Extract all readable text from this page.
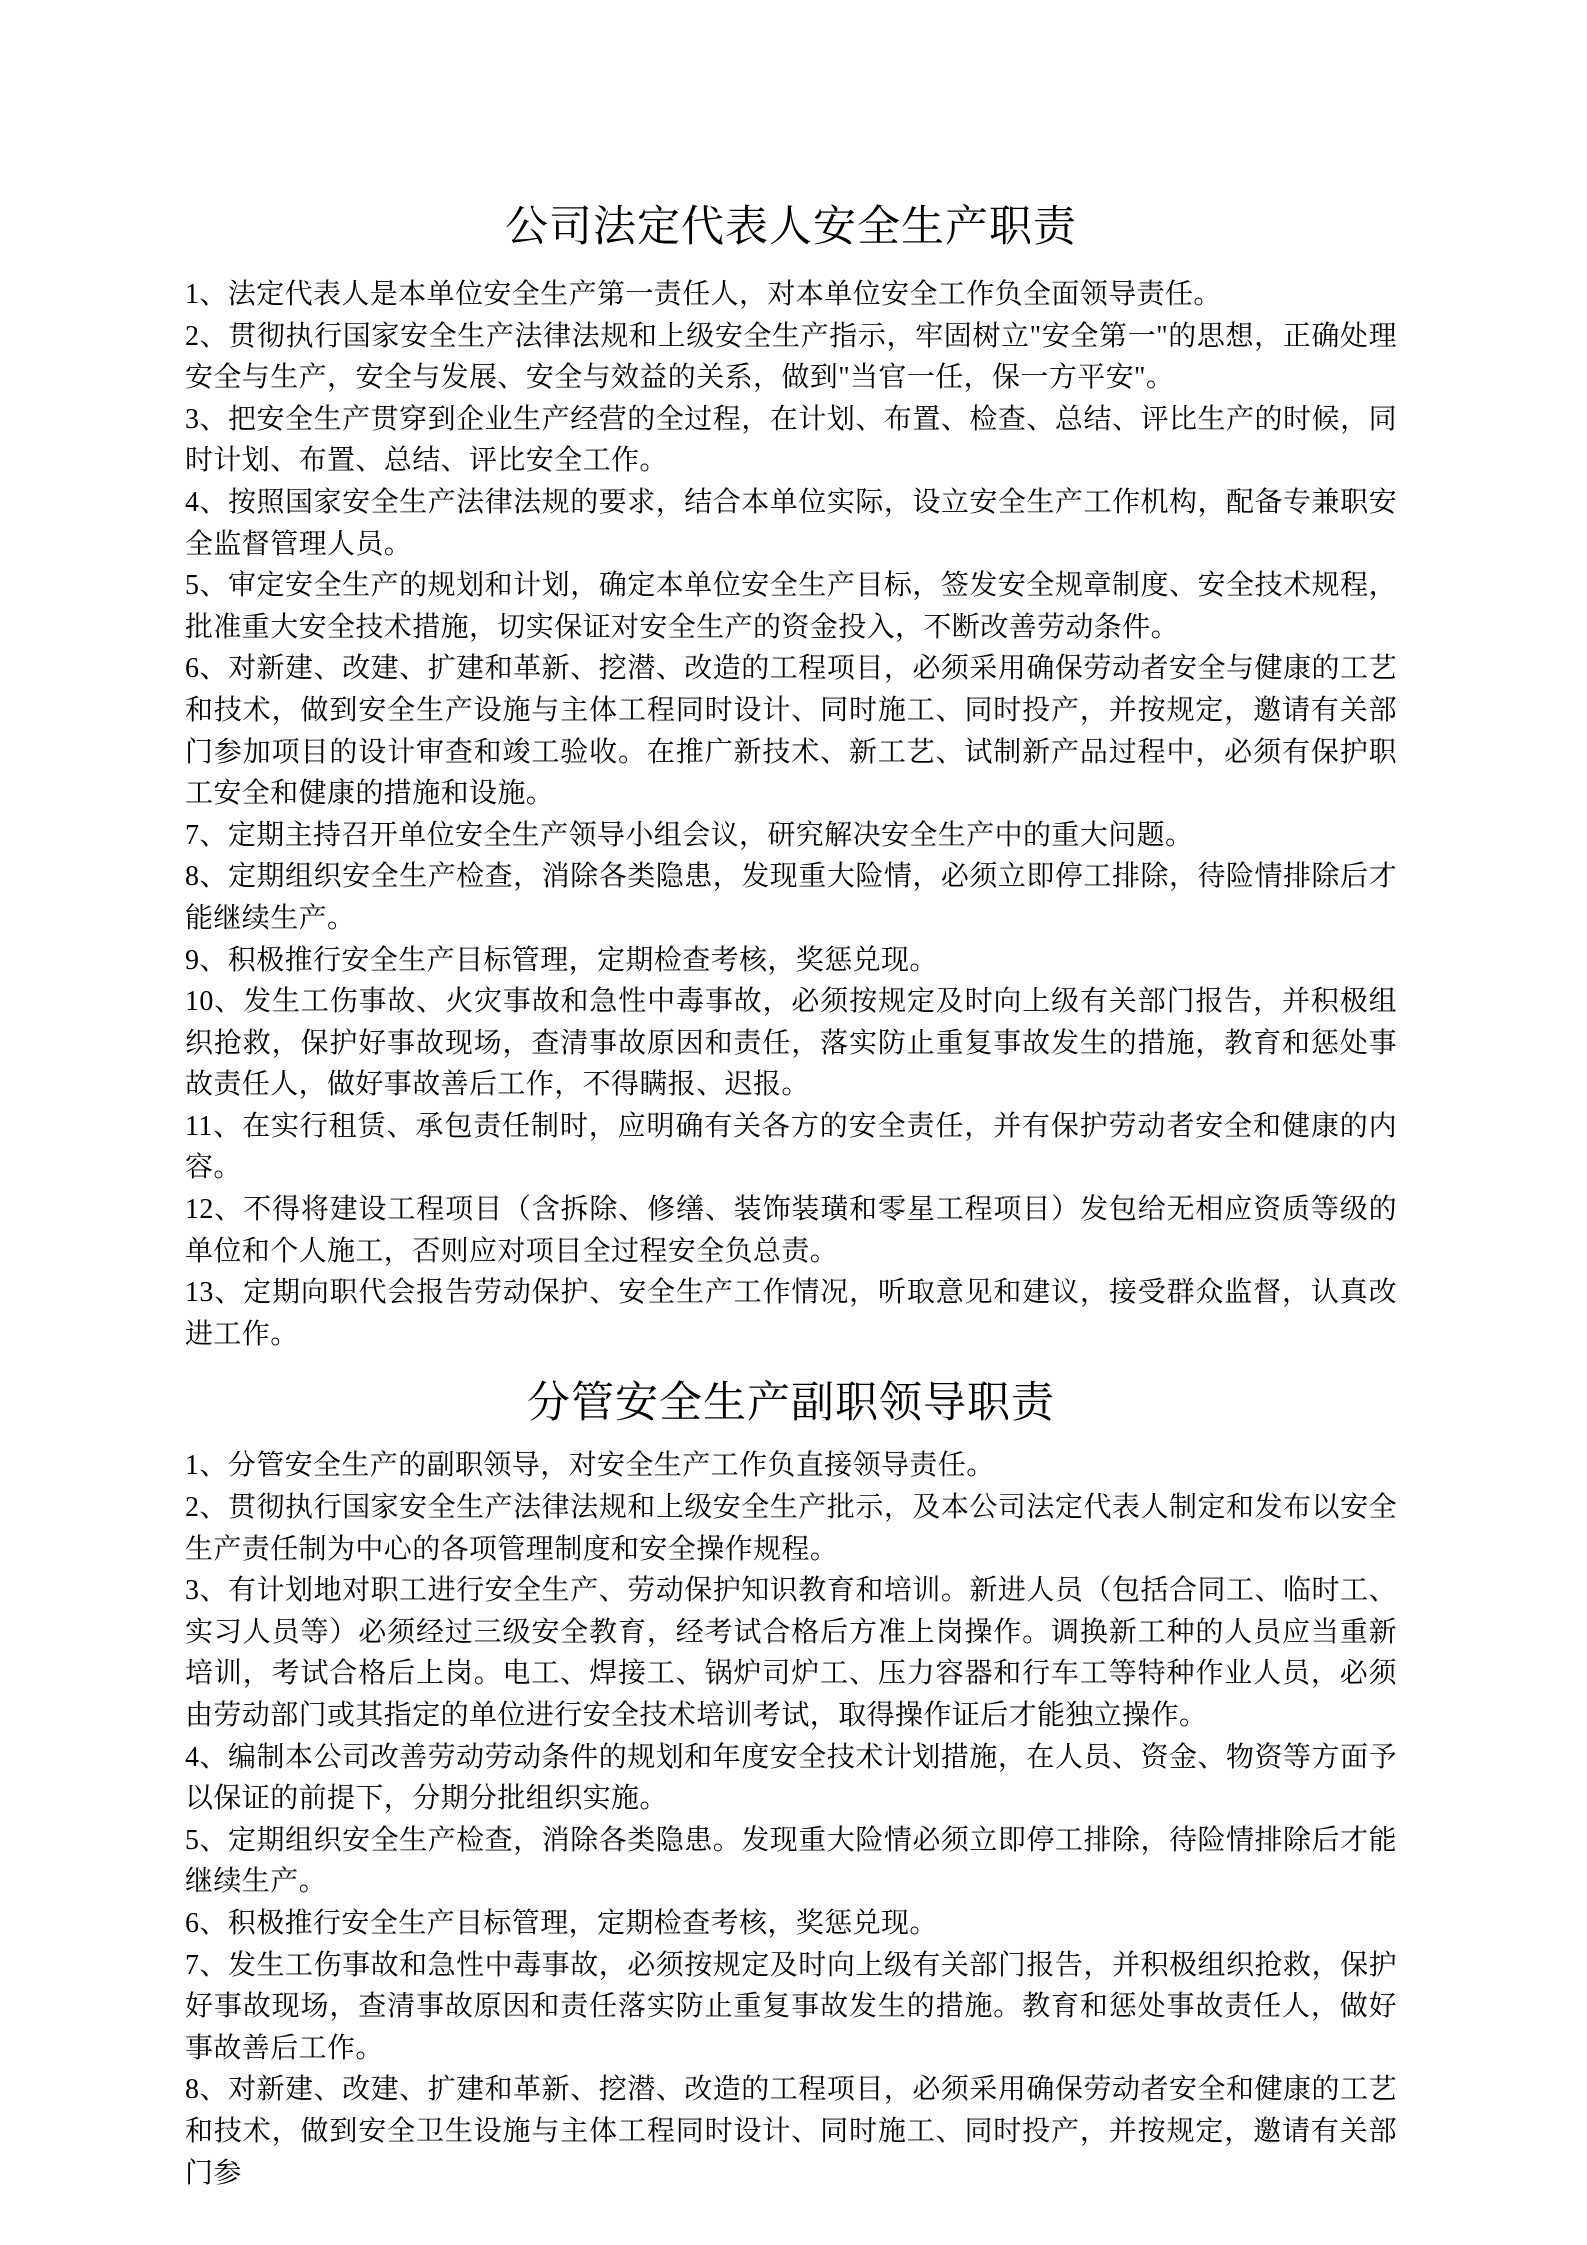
公司法定代表人安全生产职责

1、法定代表人是本单位安全生产第一责任人，对本单位安全工作负全面领导责任。

2、贯彻执行国家安全生产法律法规和上级安全生产指示，牢固树立"安全第一"的思想，正确处理安全与生产，安全与发展、安全与效益的关系，做到"当官一任，保一方平安"。

3、把安全生产贯穿到企业生产经营的全过程，在计划、布置、检查、总结、评比生产的时候，同时计划、布置、总结、评比安全工作。

4、按照国家安全生产法律法规的要求，结合本单位实际，设立安全生产工作机构，配备专兼职安全监督管理人员。

5、审定安全生产的规划和计划，确定本单位安全生产目标，签发安全规章制度、安全技术规程，批准重大安全技术措施，切实保证对安全生产的资金投入，不断改善劳动条件。

6、对新建、改建、扩建和革新、挖潜、改造的工程项目，必须采用确保劳动者安全与健康的工艺和技术，做到安全生产设施与主体工程同时设计、同时施工、同时投产，并按规定，邀请有关部门参加项目的设计审查和竣工验收。在推广新技术、新工艺、试制新产品过程中，必须有保护职工安全和健康的措施和设施。

7、定期主持召开单位安全生产领导小组会议，研究解决安全生产中的重大问题。

8、定期组织安全生产检查，消除各类隐患，发现重大险情，必须立即停工排除，待险情排除后才能继续生产。

9、积极推行安全生产目标管理，定期检查考核，奖惩兑现。

10、发生工伤事故、火灾事故和急性中毒事故，必须按规定及时向上级有关部门报告，并积极组织抢救，保护好事故现场，查清事故原因和责任，落实防止重复事故发生的措施，教育和惩处事故责任人，做好事故善后工作，不得瞒报、迟报。

11、在实行租赁、承包责任制时，应明确有关各方的安全责任，并有保护劳动者安全和健康的内容。

12、不得将建设工程项目（含拆除、修缮、装饰装璜和零星工程项目）发包给无相应资质等级的单位和个人施工，否则应对项目全过程安全负总责。

13、定期向职代会报告劳动保护、安全生产工作情况，听取意见和建议，接受群众监督，认真改进工作。

分管安全生产副职领导职责

1、分管安全生产的副职领导，对安全生产工作负直接领导责任。

2、贯彻执行国家安全生产法律法规和上级安全生产批示，及本公司法定代表人制定和发布以安全生产责任制为中心的各项管理制度和安全操作规程。

3、有计划地对职工进行安全生产、劳动保护知识教育和培训。新进人员（包括合同工、临时工、实习人员等）必须经过三级安全教育，经考试合格后方准上岗操作。调换新工种的人员应当重新培训，考试合格后上岗。电工、焊接工、锅炉司炉工、压力容器和行车工等特种作业人员，必须由劳动部门或其指定的单位进行安全技术培训考试，取得操作证后才能独立操作。

4、编制本公司改善劳动劳动条件的规划和年度安全技术计划措施，在人员、资金、物资等方面予以保证的前提下，分期分批组织实施。

5、定期组织安全生产检查，消除各类隐患。发现重大险情必须立即停工排除，待险情排除后才能继续生产。

6、积极推行安全生产目标管理，定期检查考核，奖惩兑现。

7、发生工伤事故和急性中毒事故，必须按规定及时向上级有关部门报告，并积极组织抢救，保护好事故现场，查清事故原因和责任落实防止重复事故发生的措施。教育和惩处事故责任人，做好事故善后工作。

8、对新建、改建、扩建和革新、挖潜、改造的工程项目，必须采用确保劳动者安全和健康的工艺和技术，做到安全卫生设施与主体工程同时设计、同时施工、同时投产，并按规定，邀请有关部门参
